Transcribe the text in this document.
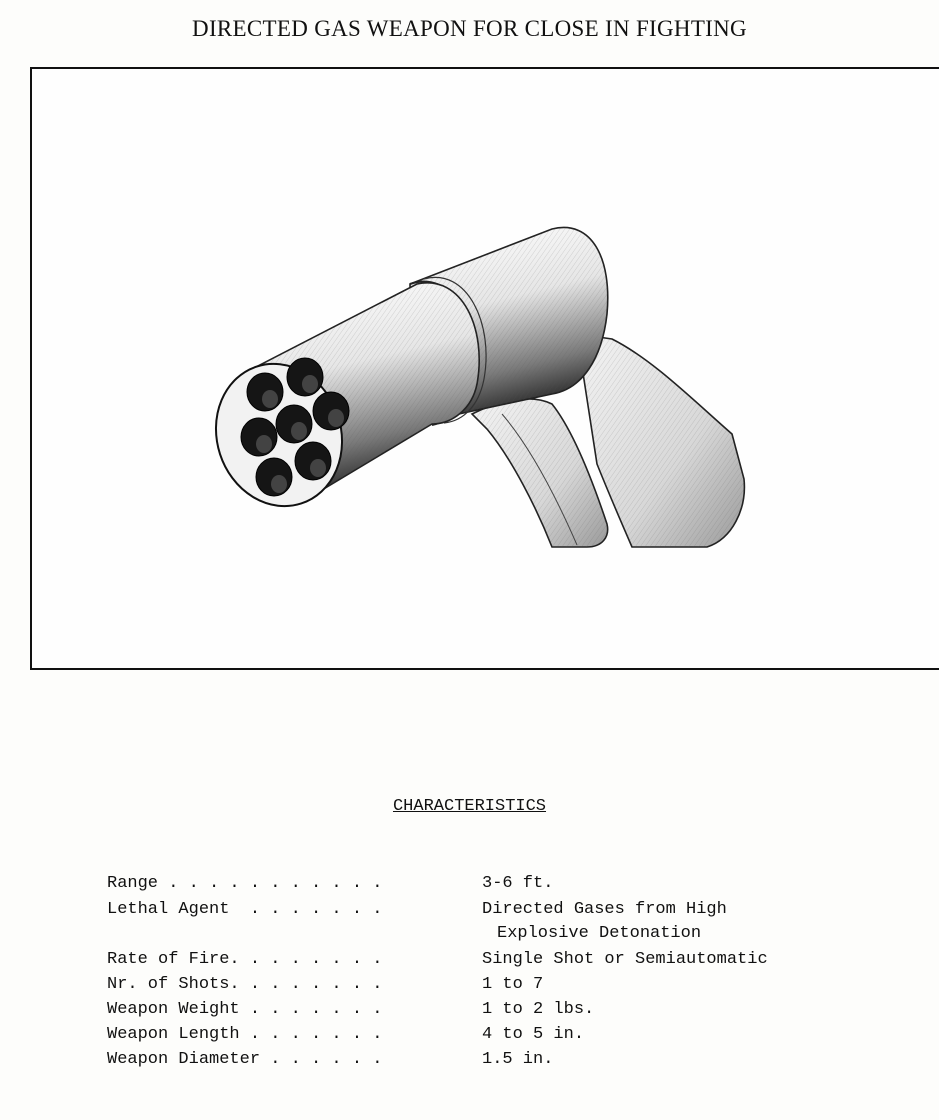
DIRECTED GAS WEAPON FOR CLOSE IN FIGHTING
CHARACTERISTICS

Range . . . . . . . . . . .

	3-6 ft.

Lethal Agent  . . . . . . .

	Directed Gases from High

Explosive Detonation

Rate of Fire. . . . . . . .

	Single Shot or Semiautomatic

Nr. of Shots. . . . . . . .

	1 to 7

Weapon Weight . . . . . . .

	1 to 2 lbs.

Weapon Length . . . . . . .

	4 to 5 in.

Weapon Diameter . . . . . .

	1.5 in.
